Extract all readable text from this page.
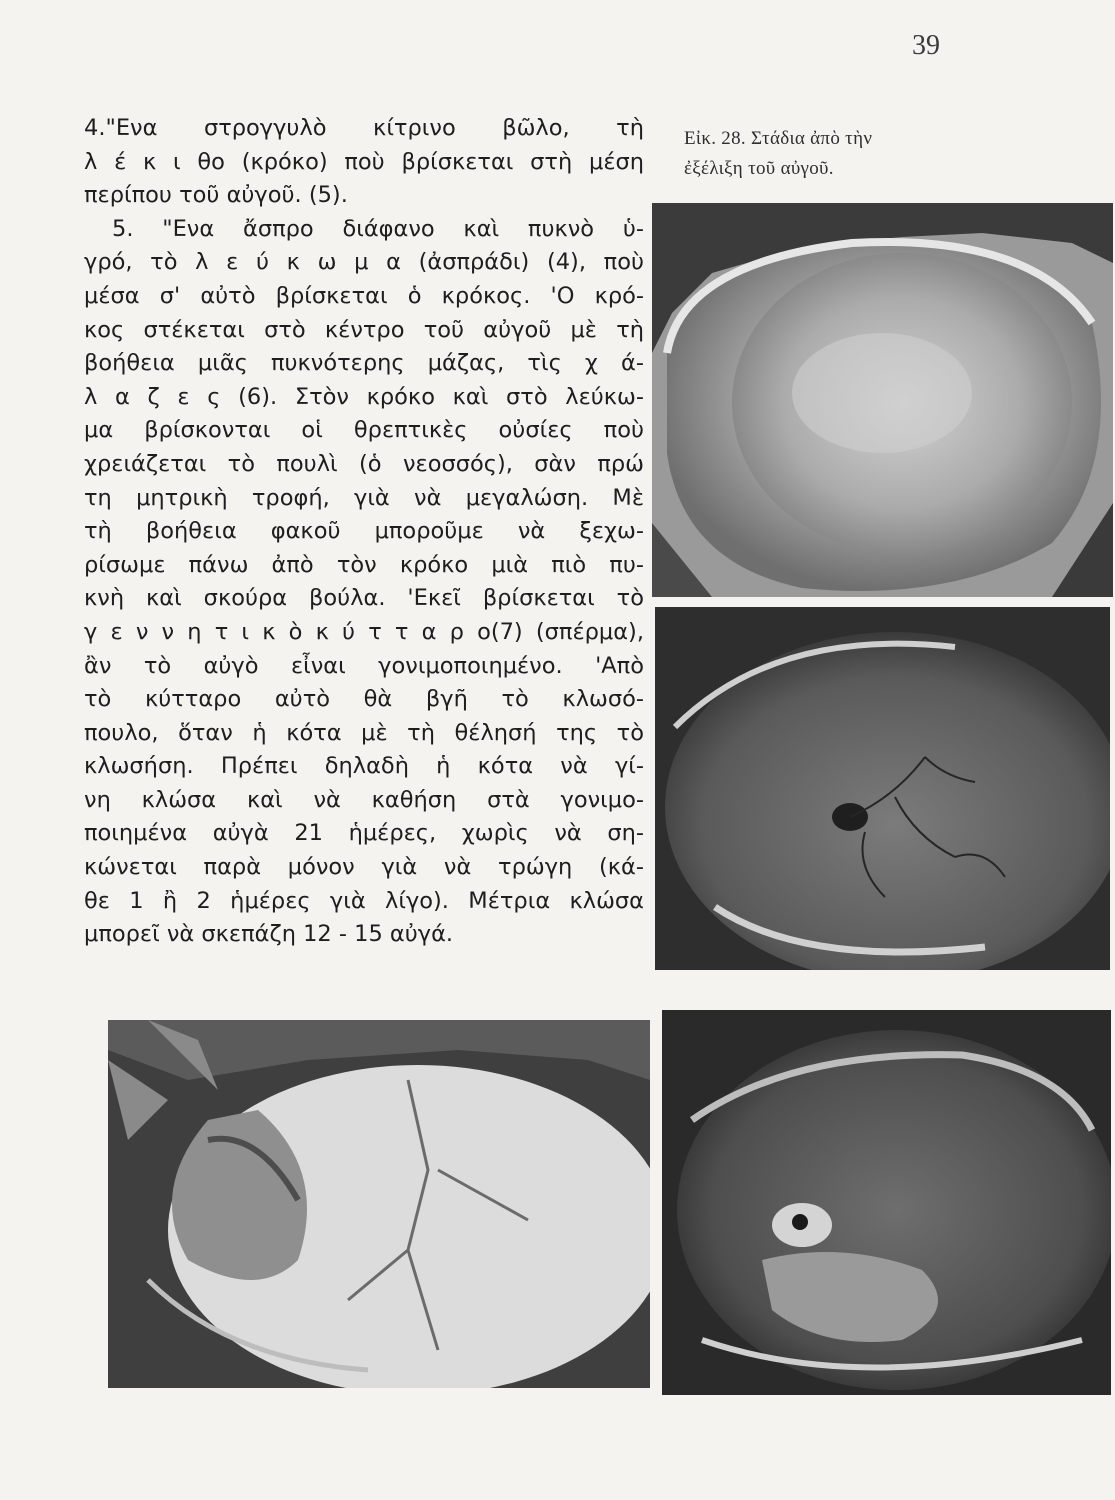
39
4."Ενα στρογγυλὸ κίτρινο βῶλο, τὴ
λ έ κ ι θο (κρόκο) ποὺ βρίσκεται στὴ μέση
περίπου τοῦ αὐγοῦ. (5).
5. "Ενα ἄσπρο διάφανο καὶ πυκνὸ ὑ-
γρό, τὸ λ ε ύ κ ω μ α (ἀσπράδι) (4), ποὺ
μέσα σ' αὐτὸ βρίσκεται ὁ κρόκος. 'Ο κρό-
κος στέκεται στὸ κέντρο τοῦ αὐγοῦ μὲ τὴ
βοήθεια μιᾶς πυκνότερης μάζας, τὶς χ ά-
λ α ζ ε ς (6). Στὸν κρόκο καὶ στὸ λεύκω-
μα βρίσκονται οἱ θρεπτικὲς οὐσίες ποὺ
χρειάζεται τὸ πουλὶ (ὁ νεοσσός), σὰν πρώ
τη μητρικὴ τροφή, γιὰ νὰ μεγαλώση. Μὲ
τὴ βοήθεια φακοῦ μποροῦμε νὰ ξεχω-
ρίσωμε πάνω ἀπὸ τὸν κρόκο μιὰ πιὸ πυ-
κνὴ καὶ σκούρα βούλα. 'Εκεῖ βρίσκεται τὸ
γ ε ν ν η τ ι κ ὸ κ ύ τ τ α ρ ο(7) (σπέρμα),
ἂν τὸ αὐγὸ εἶναι γονιμοποιημένο. 'Απὸ
τὸ κύτταρο αὐτὸ θὰ βγῆ τὸ κλωσό-
πουλο, ὅταν ἡ κότα μὲ τὴ θέλησή της τὸ
κλωσήση. Πρέπει δηλαδὴ ἡ κότα νὰ γί-
νη κλώσα καὶ νὰ καθήση στὰ γονιμο-
ποιημένα αὐγὰ 21 ἡμέρες, χωρὶς νὰ ση-
κώνεται παρὰ μόνον γιὰ νὰ τρώγη (κά-
θε 1 ἢ 2 ἡμέρες γιὰ λίγο). Μέτρια κλώσα
μπορεῖ νὰ σκεπάζη 12 - 15 αὐγά.
Εἰκ. 28. Στάδια ἀπὸ τὴν
ἐξέλιξη τοῦ αὐγοῦ.
